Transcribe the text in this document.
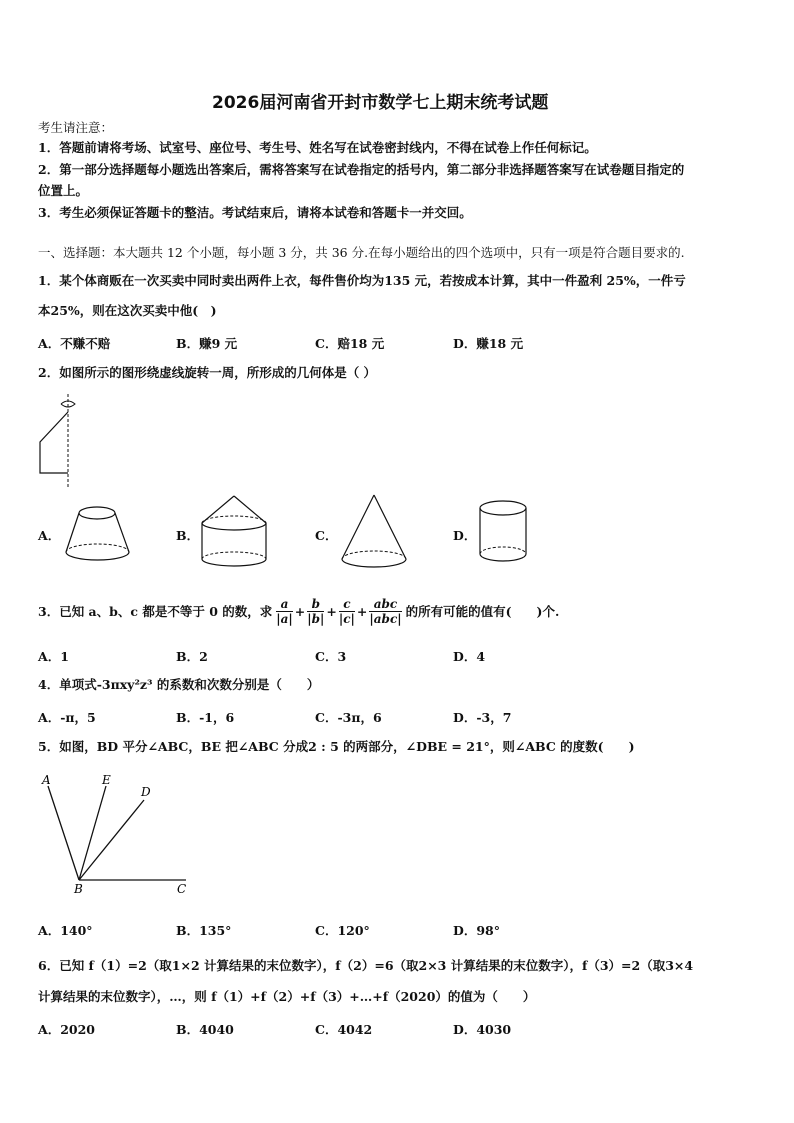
2026届河南省开封市数学七上期末统考试题
考生请注意：
1．答题前请将考场、试室号、座位号、考生号、姓名写在试卷密封线内，不得在试卷上作任何标记。
2．第一部分选择题每小题选出答案后，需将答案写在试卷指定的括号内，第二部分非选择题答案写在试卷题目指定的
位置上。
3．考生必须保证答题卡的整洁。考试结束后，请将本试卷和答题卡一并交回。
一、选择题：本大题共 12 个小题，每小题 3 分，共 36 分.在每小题给出的四个选项中，只有一项是符合题目要求的.
1．某个体商贩在一次买卖中同时卖出两件上衣，每件售价均为135 元，若按成本计算，其中一件盈利 25%，一件亏
本25%，则在这次买卖中他(　)
A．不赚不赔	B．赚9 元	C．赔18 元	D．赚18 元
2．如图所示的图形绕虚线旋转一周，所形成的几何体是（ ）
A．	B．	C．	D．
3．已知 a、b、c 都是不等于 0 的数，求 $\frac{a}{|a|} + \frac{b}{|b|} + \frac{c}{|c|} + \frac{\text{abc}}{\text{|abc|}}$ 的所有可能的值有(　　)个.
A．1	B．2	C．3	D．4
4．单项式-3πxy²z³ 的系数和次数分别是（　　）
A．-π，5	B．-1，6	C．-3π，6	D．-3，7
5．如图，BD 平分∠ABC，BE 把∠ABC 分成2 : 5 的两部分，∠DBE = 21°，则∠ABC 的度数(　　)
A	E
D
B	C
A．140°	B．135°	C．120°	D．98°
6．已知 f（1）=2（取1×2 计算结果的末位数字），f（2）=6（取2×3 计算结果的末位数字），f（3）=2（取3×4
计算结果的末位数字），…，则 f（1）+f（2）+f（3）+…+f（2020）的值为（　　）
A．2020	B．4040	C．4042	D．4030
